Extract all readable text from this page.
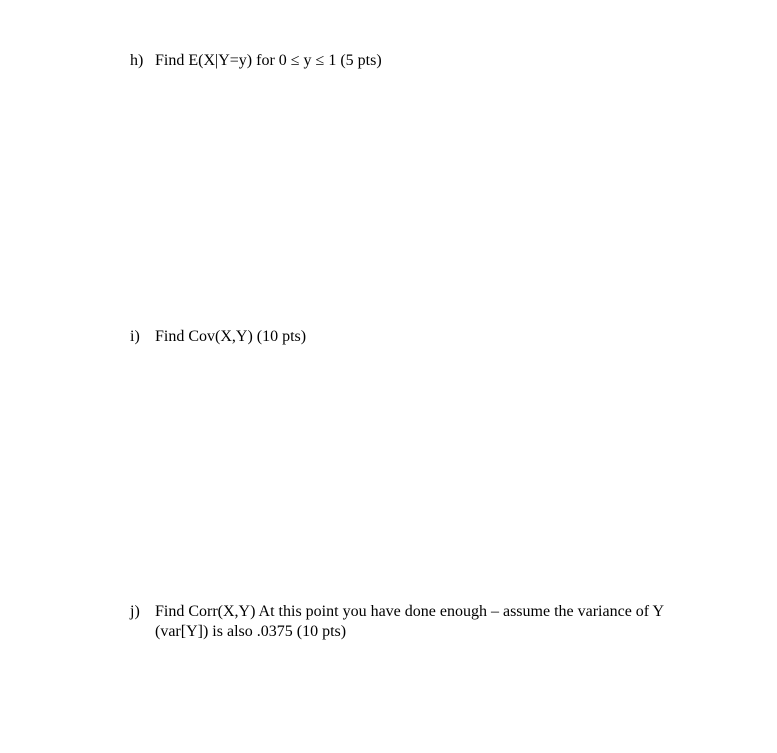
h) Find E(X|Y=y) for 0 ≤ y ≤ 1 (5 pts)
i) Find Cov(X,Y) (10 pts)
j) Find Corr(X,Y) At this point you have done enough – assume the variance of Y (var[Y]) is also .0375 (10 pts)
